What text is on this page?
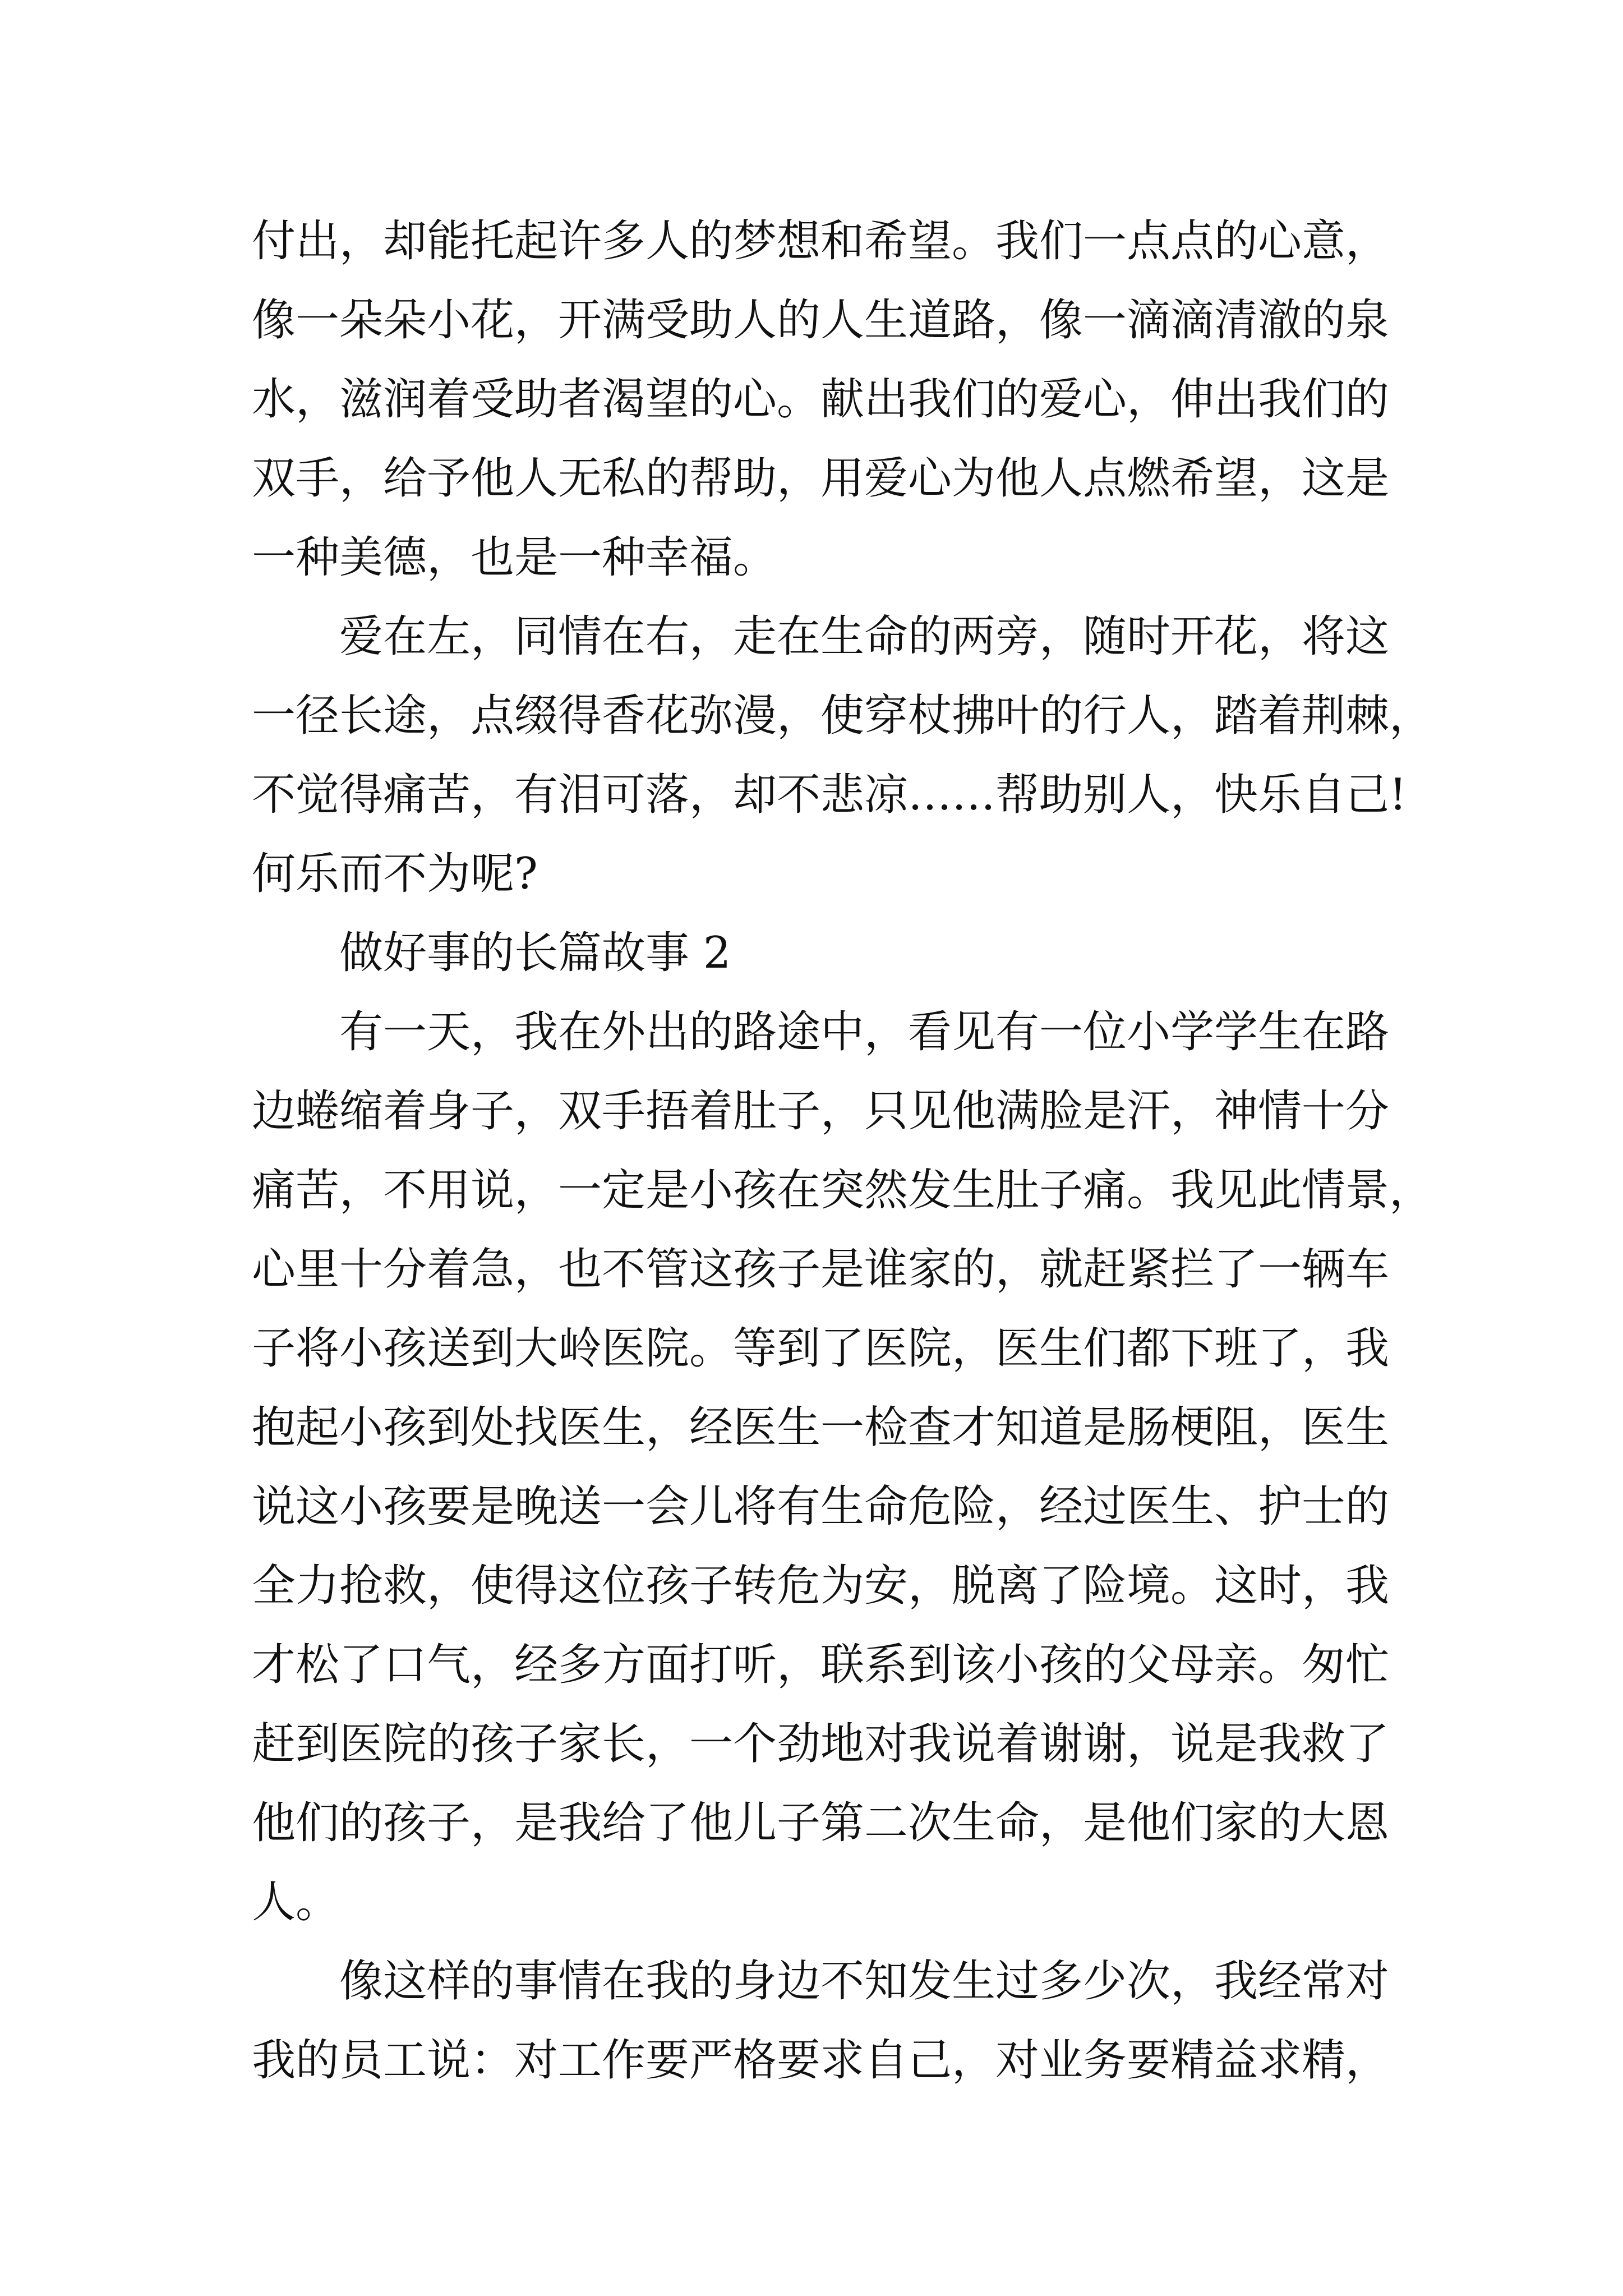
付出，却能托起许多人的梦想和希望。我们一点点的心意，
像一朵朵小花，开满受助人的人生道路，像一滴滴清澈的泉
水，滋润着受助者渴望的心。献出我们的爱心，伸出我们的
双手，给予他人无私的帮助，用爱心为他人点燃希望，这是
一种美德，也是一种幸福。
爱在左，同情在右，走在生命的两旁，随时开花，将这
一径长途，点缀得香花弥漫，使穿杖拂叶的行人，踏着荆棘，
不觉得痛苦，有泪可落，却不悲凉……帮助别人，快乐自己!
何乐而不为呢?
做好事的长篇故事 2
有一天，我在外出的路途中，看见有一位小学学生在路
边蜷缩着身子，双手捂着肚子，只见他满脸是汗，神情十分
痛苦，不用说，一定是小孩在突然发生肚子痛。我见此情景，
心里十分着急，也不管这孩子是谁家的，就赶紧拦了一辆车
子将小孩送到大岭医院。等到了医院，医生们都下班了，我
抱起小孩到处找医生，经医生一检查才知道是肠梗阻，医生
说这小孩要是晚送一会儿将有生命危险，经过医生、护士的
全力抢救，使得这位孩子转危为安，脱离了险境。这时，我
才松了口气，经多方面打听，联系到该小孩的父母亲。匆忙
赶到医院的孩子家长，一个劲地对我说着谢谢，说是我救了
他们的孩子，是我给了他儿子第二次生命，是他们家的大恩
人。
像这样的事情在我的身边不知发生过多少次，我经常对
我的员工说：对工作要严格要求自己，对业务要精益求精，
